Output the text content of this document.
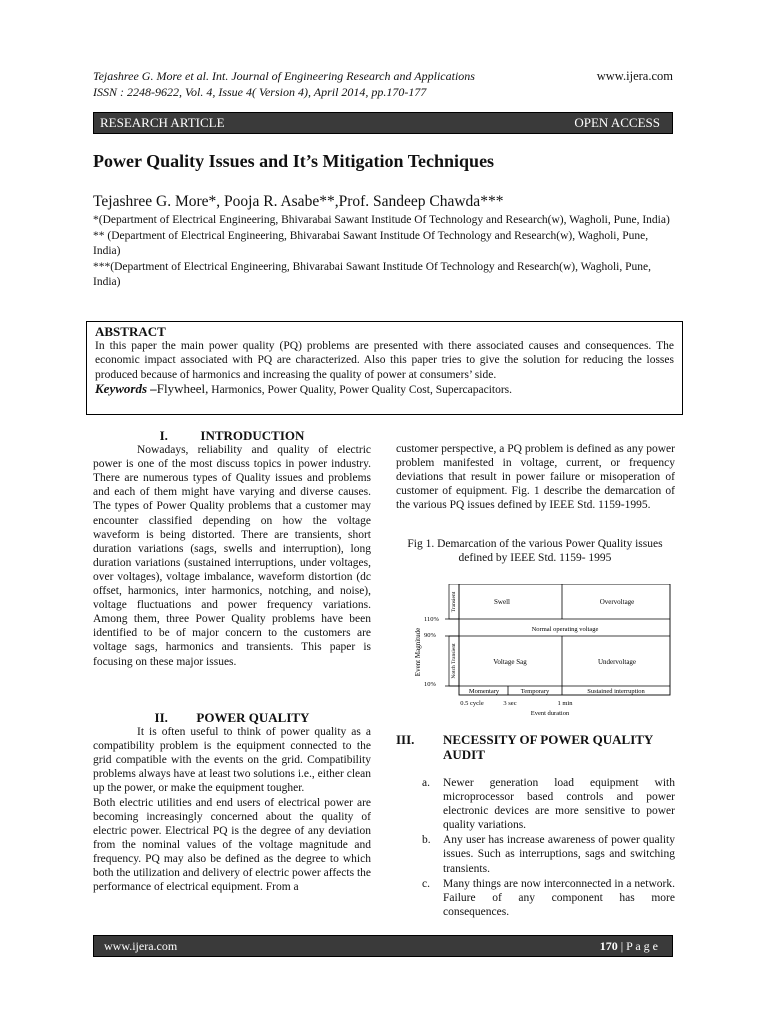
Tejashree G. More et al. Int. Journal of Engineering Research and Applications
ISSN : 2248-9622, Vol. 4, Issue 4( Version 4), April 2014, pp.170-177
www.ijera.com
RESEARCH ARTICLE	OPEN ACCESS
Power Quality Issues and It’s Mitigation Techniques
Tejashree G. More*, Pooja R. Asabe**,Prof. Sandeep Chawda***

*(Department of Electrical Engineering, Bhivarabai Sawant Institude Of Technology and Research(w), Wagholi, Pune, India)

** (Department of Electrical Engineering, Bhivarabai Sawant Institude Of Technology and Research(w), Wagholi, Pune, India)

***(Department of Electrical Engineering, Bhivarabai Sawant Institude Of Technology and Research(w), Wagholi, Pune, India)

ABSTRACT
In this paper the main power quality (PQ) problems are presented with there associated causes and consequences. The economic impact associated with PQ are characterized. Also this paper tries to give the solution for reducing the losses produced because of harmonics and increasing the quality of power at consumers’ side.
Keywords –Flywheel, Harmonics, Power Quality, Power Quality Cost, Supercapacitors.
I.	INTRODUCTION

Nowadays, reliability and quality of electric power is one of the most discuss topics in power industry. There are numerous types of Quality issues and problems and each of them might have varying and diverse causes. The types of Power Quality problems that a customer may encounter classified depending on how the voltage waveform is being distorted. There are transients, short duration variations (sags, swells and interruption), long duration variations (sustained interruptions, under voltages, over voltages), voltage imbalance, waveform distortion (dc offset, harmonics, inter harmonics, notching, and noise), voltage fluctuations and power frequency variations. Among them, three Power Quality problems have been identified to be of major concern to the customers are voltage sags, harmonics and transients. This paper is focusing on these major issues.

II. POWER QUALITY

It is often useful to think of power quality as a compatibility problem is the equipment connected to the grid compatible with the events on the grid. Compatibility problems always have at least two solutions i.e., either clean up the power, or make the equipment tougher.

Both electric utilities and end users of electrical power are becoming increasingly concerned about the quality of electric power. Electrical PQ is the degree of any deviation from the nominal values of the voltage magnitude and frequency. PQ may also be defined as the degree to which both the utilization and delivery of electric power affects the performance of electrical equipment. From a

customer perspective, a PQ problem is defined as any power problem manifested in voltage, current, or frequency deviations that result in power failure or misoperation of customer of equipment. Fig. 1 describe the demarcation of the various PQ issues defined by IEEE Std. 1159-1995.

Fig 1. Demarcation of the various Power Quality issues defined by IEEE Std. 1159- 1995
Event Magnitude
110%
90%
10%
Transient
Notch Transient
Swell	Overvoltage
Normal operating voltage
Voltage Sag	Undervoltage
Momentary	Temporary	Sustained interruption
0.5 cycle	3 sec	1 min
Event duration
III. NECESSITY OF POWER QUALITY AUDIT
a. Newer generation load equipment with microprocessor based controls and power electronic devices are more sensitive to power quality variations.
b. Any user has increase awareness of power quality issues. Such as interruptions, sags and switching transients.
c. Many things are now interconnected in a network. Failure of any component has more consequences.
www.ijera.com	170 | P a g e
